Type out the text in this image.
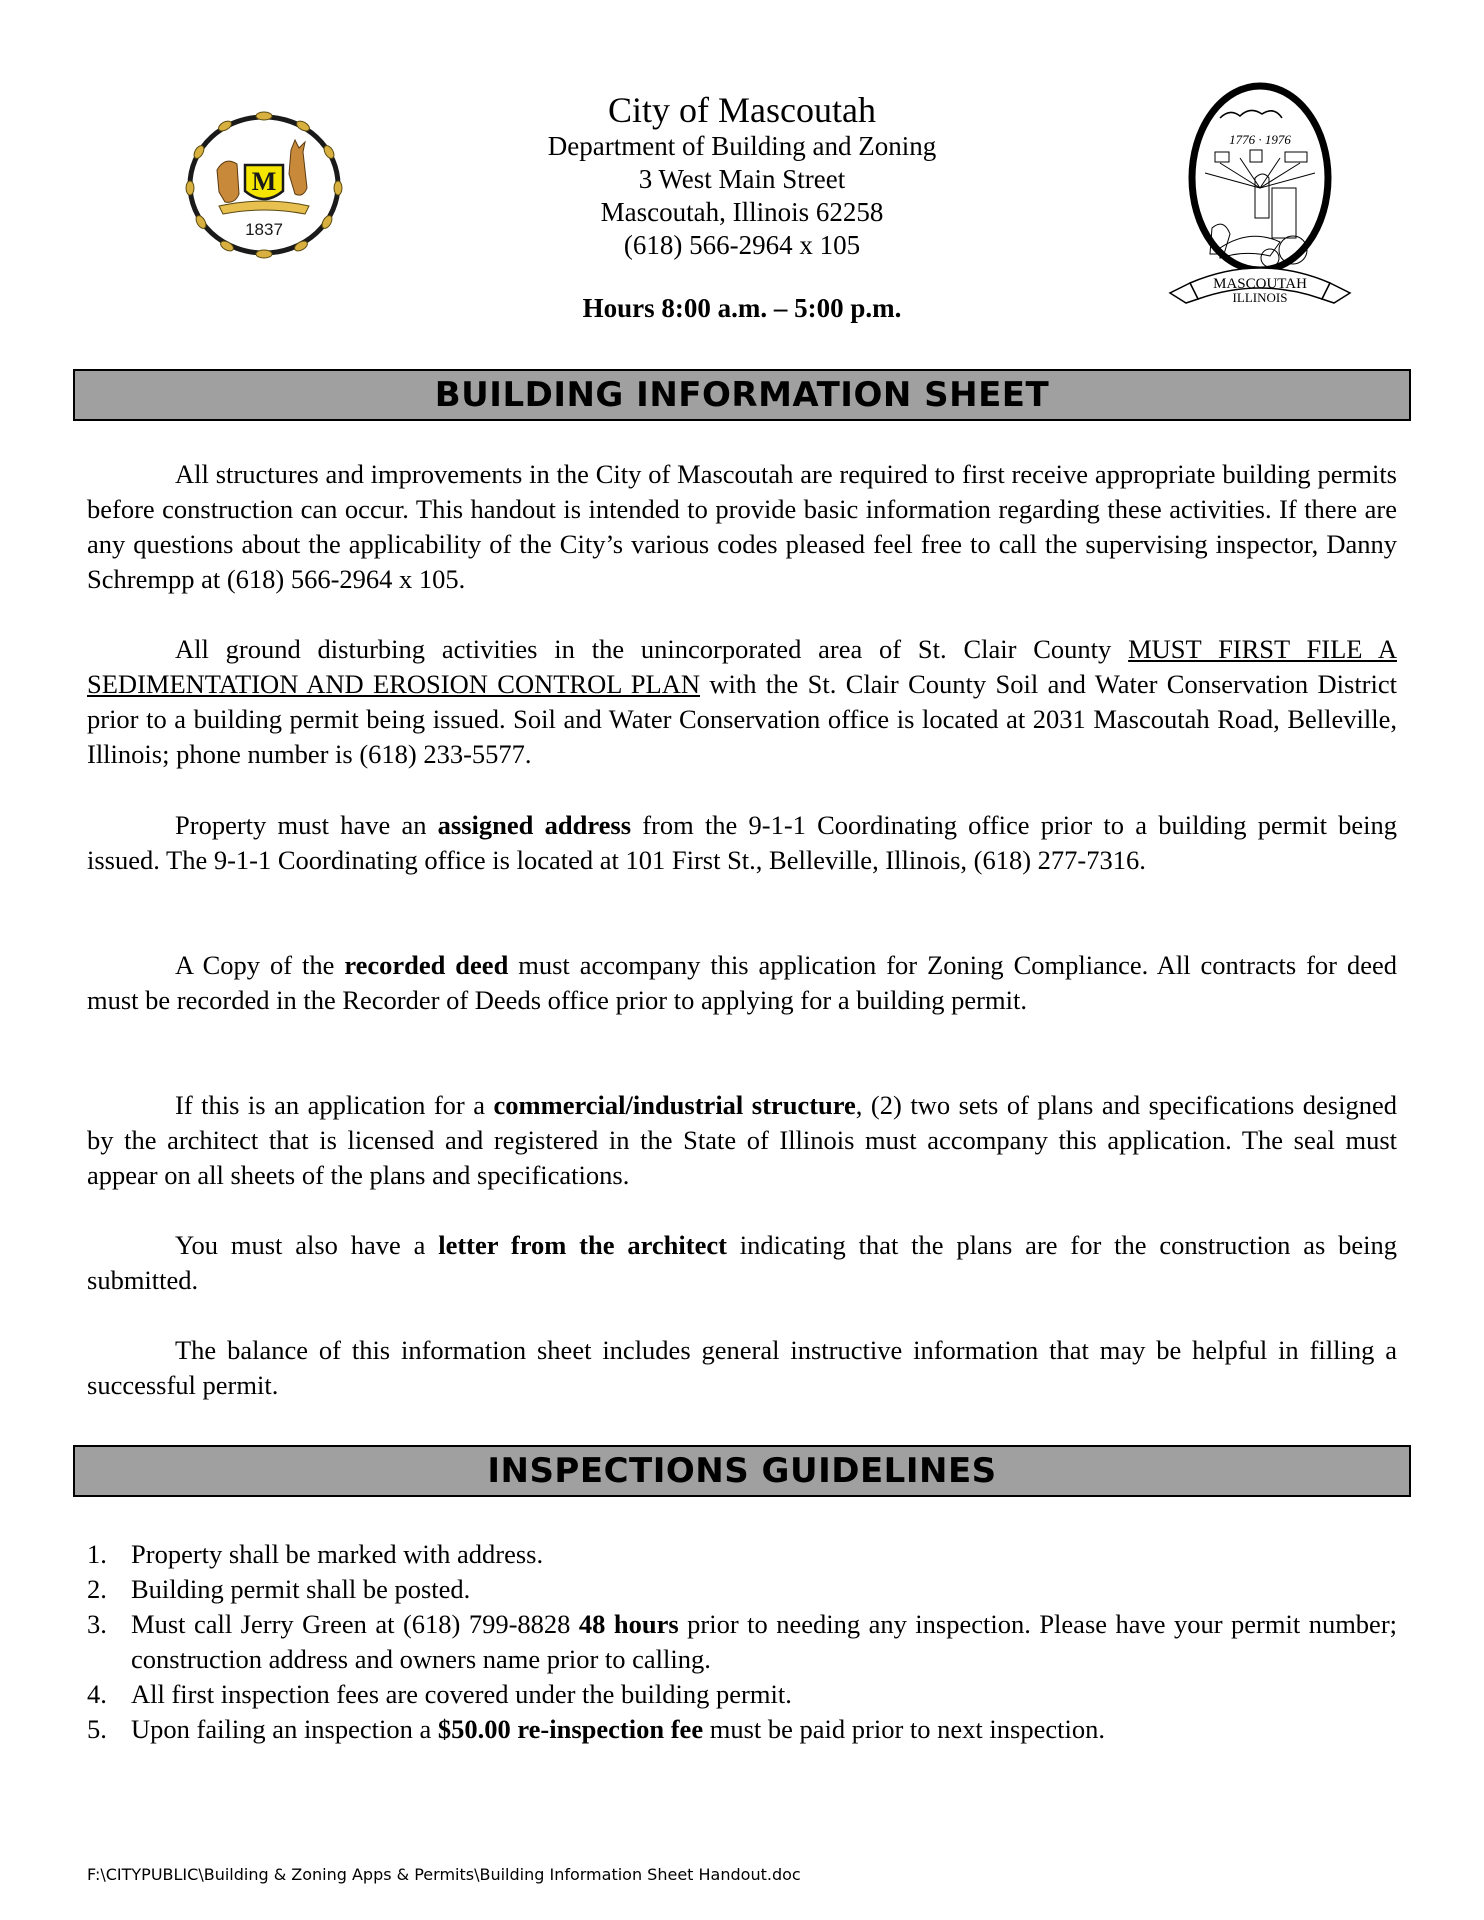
M
1837
City of Mascoutah
Department of Building and Zoning
3 West Main Street
Mascoutah, Illinois 62258
(618) 566-2964 x 105
Hours 8:00 a.m. – 5:00 p.m.
1776 · 1976
MASCOUTAH
ILLINOIS
BUILDING INFORMATION SHEET

All structures and improvements in the City of Mascoutah are required to first receive appropriate building permits before construction can occur. This handout is intended to provide basic information regarding these activities. If there are any questions about the applicability of the City’s various codes pleased feel free to call the supervising inspector, Danny Schrempp at (618) 566-2964 x 105.

All ground disturbing activities in the unincorporated area of St. Clair County MUST FIRST FILE A SEDIMENTATION AND EROSION CONTROL PLAN with the St. Clair County Soil and Water Conservation District prior to a building permit being issued. Soil and Water Conservation office is located at 2031 Mascoutah Road, Belleville, Illinois; phone number is (618) 233-5577.

Property must have an assigned address from the 9-1-1 Coordinating office prior to a building permit being issued. The 9-1-1 Coordinating office is located at 101 First St., Belleville, Illinois, (618) 277-7316.

A Copy of the recorded deed must accompany this application for Zoning Compliance. All contracts for deed must be recorded in the Recorder of Deeds office prior to applying for a building permit.

If this is an application for a commercial/industrial structure, (2) two sets of plans and specifications designed by the architect that is licensed and registered in the State of Illinois must accompany this application. The seal must appear on all sheets of the plans and specifications.

You must also have a letter from the architect indicating that the plans are for the construction as being submitted.

The balance of this information sheet includes general instructive information that may be helpful in filling a successful permit.

INSPECTIONS GUIDELINES
1. Property shall be marked with address.
2. Building permit shall be posted.
3. Must call Jerry Green at (618) 799-8828 48 hours prior to needing any inspection. Please have your permit number; construction address and owners name prior to calling.
4. All first inspection fees are covered under the building permit.
5. Upon failing an inspection a $50.00 re-inspection fee must be paid prior to next inspection.
F:\CITYPUBLIC\Building & Zoning Apps & Permits\Building Information Sheet Handout.doc
